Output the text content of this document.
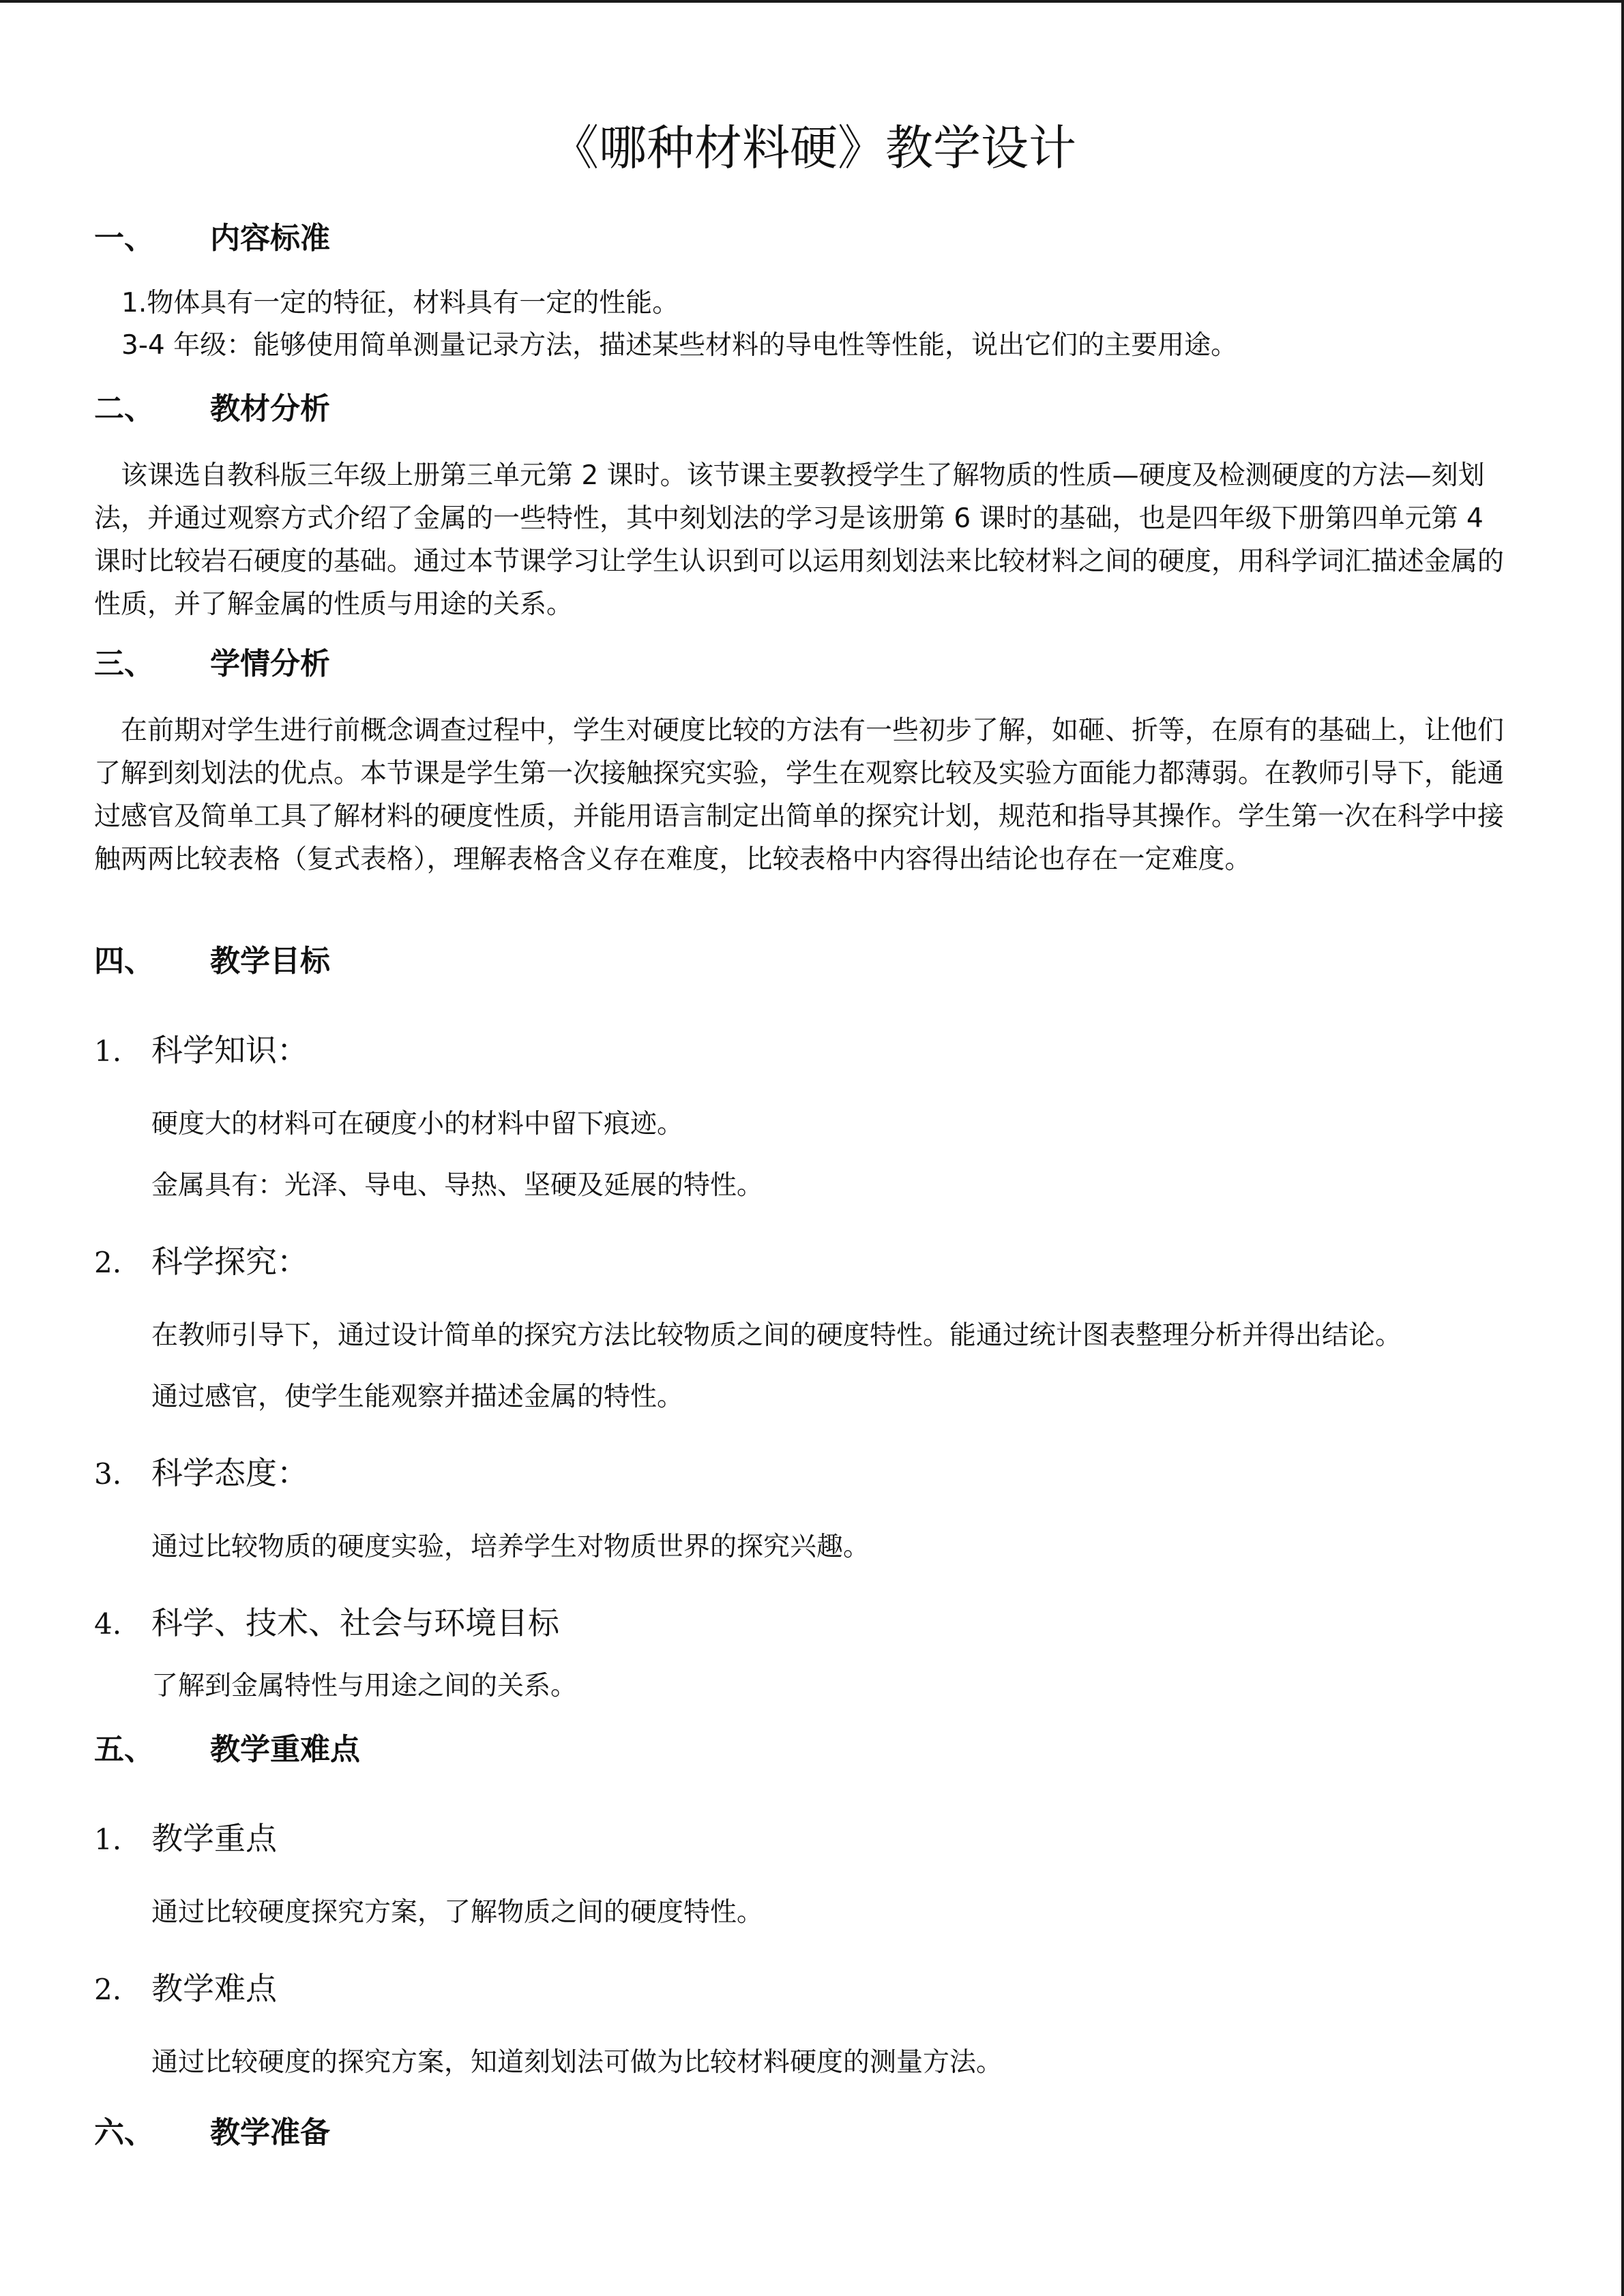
《哪种材料硬》教学设计
一、 内容标准
1.物体具有一定的特征，材料具有一定的性能。
3-4 年级：能够使用简单测量记录方法，描述某些材料的导电性等性能，说出它们的主要用途。
二、 教材分析
该课选自教科版三年级上册第三单元第 2 课时。该节课主要教授学生了解物质的性质—硬度及检测硬度的方法—刻划法，并通过观察方式介绍了金属的一些特性，其中刻划法的学习是该册第 6 课时的基础，也是四年级下册第四单元第 4 课时比较岩石硬度的基础。通过本节课学习让学生认识到可以运用刻划法来比较材料之间的硬度，用科学词汇描述金属的性质，并了解金属的性质与用途的关系。
三、 学情分析
在前期对学生进行前概念调查过程中，学生对硬度比较的方法有一些初步了解，如砸、折等，在原有的基础上，让他们了解到刻划法的优点。本节课是学生第一次接触探究实验，学生在观察比较及实验方面能力都薄弱。在教师引导下，能通过感官及简单工具了解材料的硬度性质，并能用语言制定出简单的探究计划，规范和指导其操作。学生第一次在科学中接触两两比较表格（复式表格），理解表格含义存在难度，比较表格中内容得出结论也存在一定难度。
四、 教学目标
1. 科学知识：
硬度大的材料可在硬度小的材料中留下痕迹。
金属具有：光泽、导电、导热、坚硬及延展的特性。
2. 科学探究：
在教师引导下，通过设计简单的探究方法比较物质之间的硬度特性。能通过统计图表整理分析并得出结论。
通过感官，使学生能观察并描述金属的特性。
3. 科学态度：
通过比较物质的硬度实验，培养学生对物质世界的探究兴趣。
4. 科学、技术、社会与环境目标
了解到金属特性与用途之间的关系。
五、 教学重难点
1. 教学重点
通过比较硬度探究方案，了解物质之间的硬度特性。
2. 教学难点
通过比较硬度的探究方案，知道刻划法可做为比较材料硬度的测量方法。
六、 教学准备
